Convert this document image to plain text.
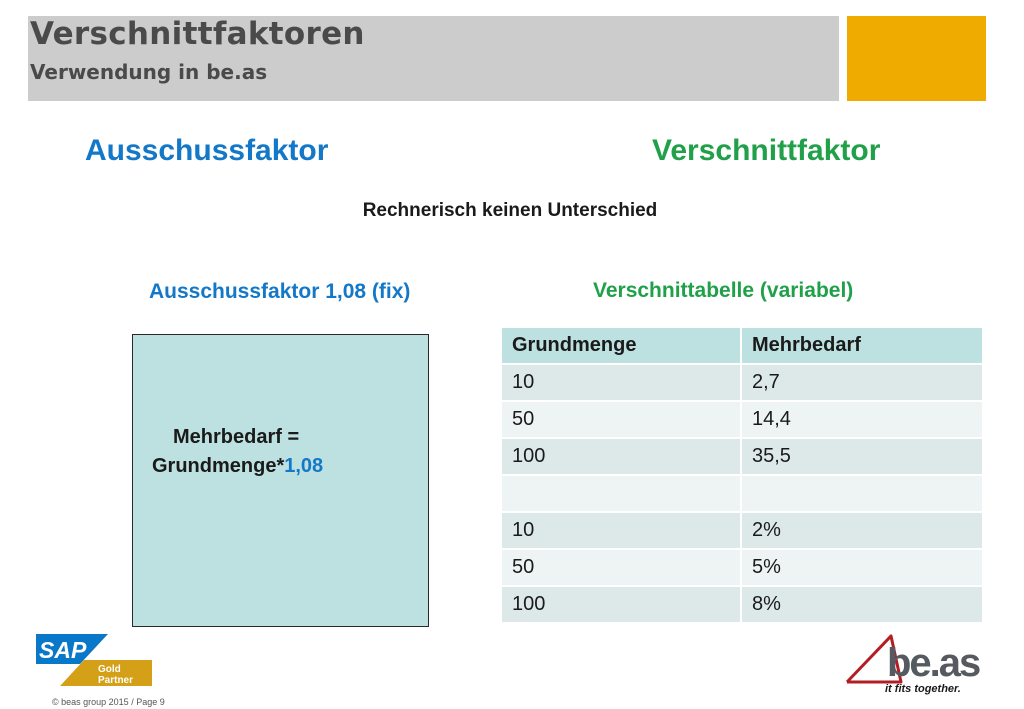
Verschnittfaktoren
Verwendung in be.as
Ausschussfaktor	Verschnittfaktor
Rechnerisch keinen Unterschied
Ausschussfaktor 1,08 (fix)	Verschnittabelle (variabel)
Mehrbedarf =
Grundmenge*1,08
Grundmenge	Mehrbedarf
10	2,7
50	14,4
100	35,5

10	2%
50	5%
100	8%
SAP
Gold
Partner	be.as
it fits together.
© beas group 2015 / Page 9
